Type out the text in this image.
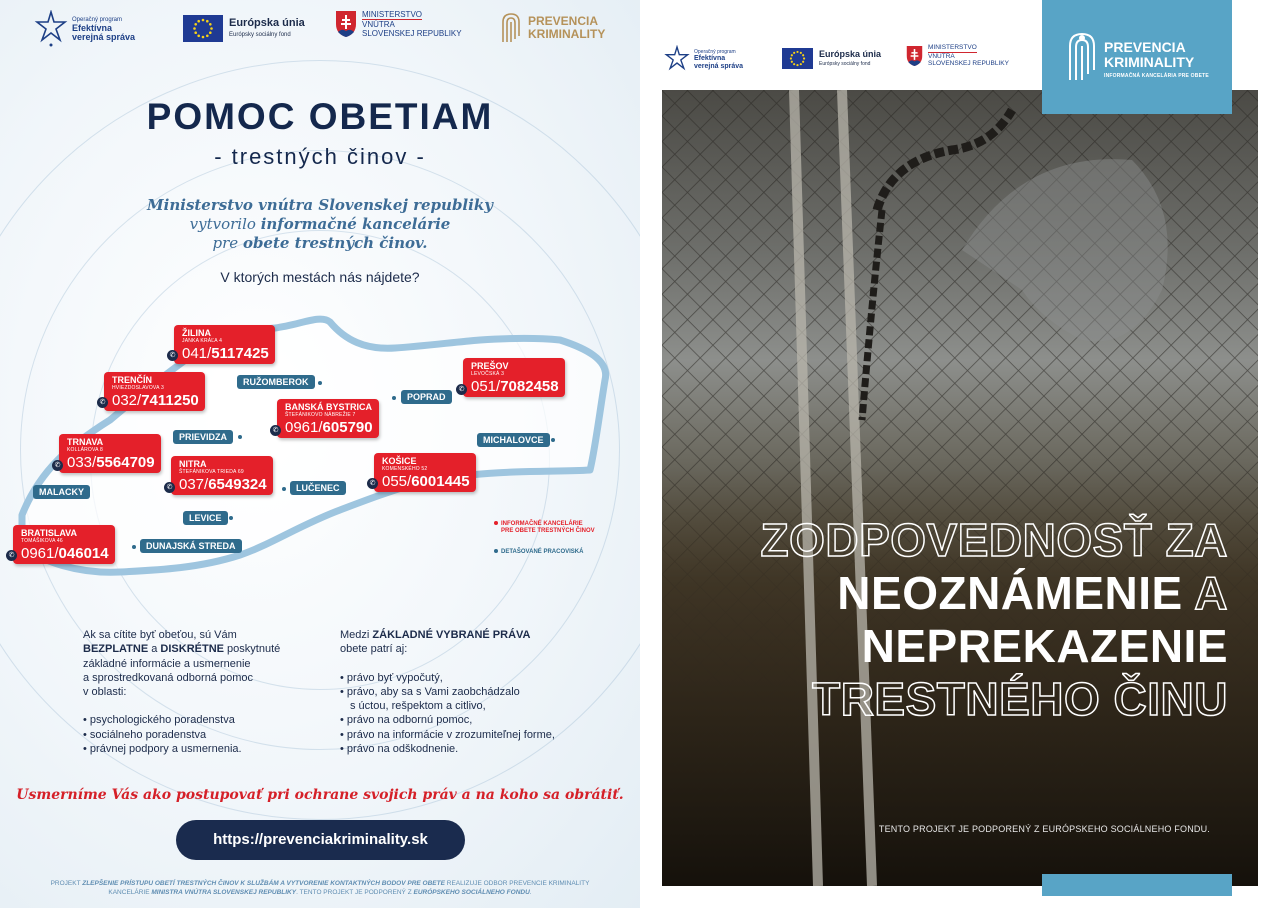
Operačný program
Efektívna
verejná správa
Európska únia
Európsky sociálny fond
MINISTERSTVO
VNÚTRA
SLOVENSKEJ REPUBLIKY
PREVENCIA
KRIMINALITY
POMOC OBETIAM
- trestných činov -
Ministerstvo vnútra Slovenskej republiky
vytvorilo informačné kancelárie
pre obete trestných činov.
V ktorých mestách nás nájdete?
ŽILINA
JANKA KRÁĽA 4
041/5117425
✆
TRENČÍN
HVIEZDOSLAVOVA 3
032/7411250
✆
PREŠOV
LEVOČSKÁ 3
051/7082458
✆
BANSKÁ BYSTRICA
ŠTEFÁNIKOVO NÁBREŽIE 7
0961/605790
✆
TRNAVA
KOLLÁROVA 8
033/5564709
✆	NITRA
ŠTEFÁNIKOVA TRIEDA 69
037/6549324
✆
KOŠICE
KOMENSKÉHO 52
055/6001445
✆
BRATISLAVA
TOMÁŠIKOVA 46
0961/046014
✆
RUŽOMBEROK
POPRAD
PRIEVIDZA	MICHALOVCE
MALACKY	LUČENEC
LEVICE
DUNAJSKÁ STREDA
INFORMAČNÉ KANCELÁRIE
PRE OBETE TRESTNÝCH ČINOV
DETAŠOVANÉ PRACOVISKÁ
Ak sa cítite byť obeťou, sú Vám
BEZPLATNE a DISKRÉTNE poskytnuté
základné informácie a usmernenie
a sprostredkovaná odborná pomoc
v oblasti:
• psychologického poradenstva
• sociálneho poradenstva
• právnej podpory a usmernenia.
Medzi ZÁKLADNÉ VYBRANÉ PRÁVA
obete patrí aj:
• právo byť vypočutý,
• právo, aby sa s Vami zaobchádzalo
s úctou, rešpektom a citlivo,
• právo na odbornú pomoc,
• právo na informácie v zrozumiteľnej forme,
• právo na odškodnenie.
Usmerníme Vás ako postupovať pri ochrane svojich práv a na koho sa obrátiť.
https://prevenciakriminality.sk
PROJEKT ZLEPŠENIE PRÍSTUPU OBETÍ TRESTNÝCH ČINOV K SLUŽBÁM A VYTVORENIE KONTAKTNÝCH BODOV PRE OBETE REALIZUJE ODBOR PREVENCIE KRIMINALITY
KANCELÁRIE MINISTRA VNÚTRA SLOVENSKEJ REPUBLIKY. TENTO PROJEKT JE PODPORENÝ Z EURÓPSKEHO SOCIÁLNEHO FONDU.
Operačný program
Efektívna
verejná správa
Európska únia
Európsky sociálny fond
MINISTERSTVO
VNÚTRA
SLOVENSKEJ REPUBLIKY
PREVENCIA
KRIMINALITY
INFORMAČNÁ KANCELÁRIA PRE OBETE
ZODPOVEDNOSŤ ZA
NEOZNÁMENIE A
NEPREKAZENIE
TRESTNÉHO ČINU
TENTO PROJEKT JE PODPORENÝ Z EURÓPSKEHO SOCIÁLNEHO FONDU.
